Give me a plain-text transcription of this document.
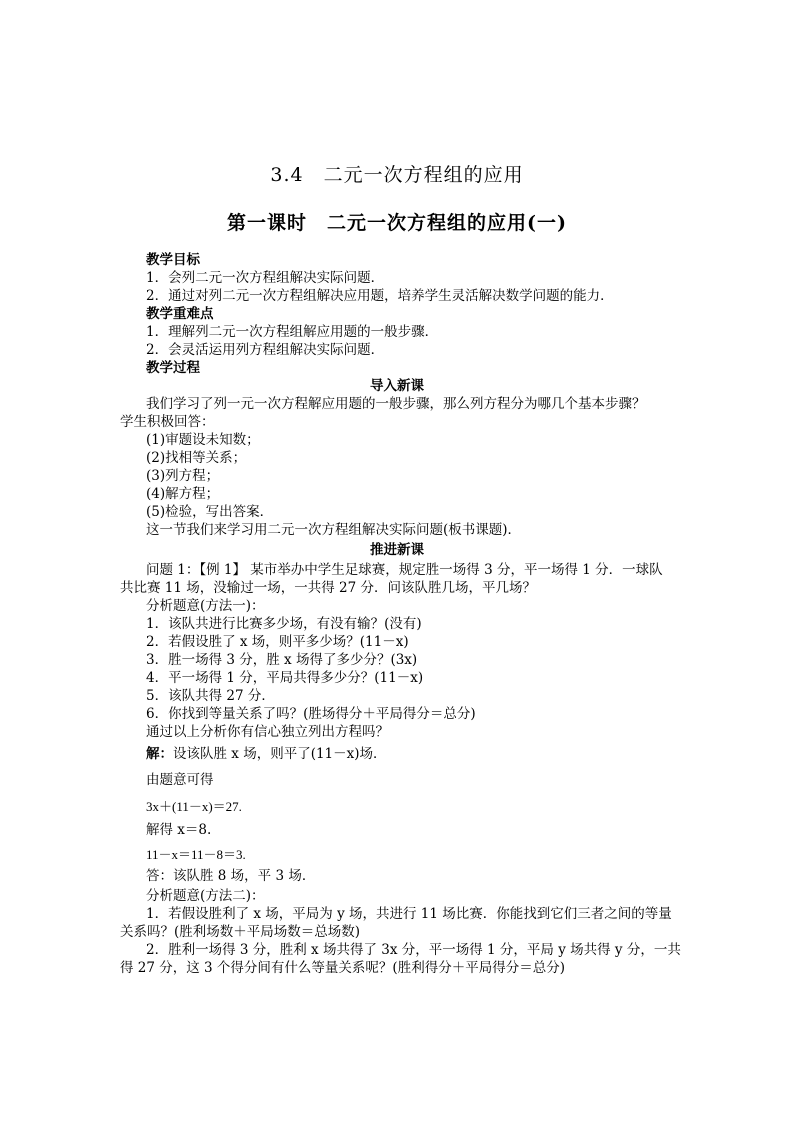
3.4　二元一次方程组的应用
第一课时　二元一次方程组的应用(一)
教学目标
1．会列二元一次方程组解决实际问题．
2．通过对列二元一次方程组解决应用题，培养学生灵活解决数学问题的能力．
教学重难点
1．理解列二元一次方程组解应用题的一般步骤．
2．会灵活运用列方程组解决实际问题．
教学过程
导入新课
我们学习了列一元一次方程解应用题的一般步骤，那么列方程分为哪几个基本步骤？
学生积极回答：
(1)审题设未知数；
(2)找相等关系；
(3)列方程；
(4)解方程；
(5)检验，写出答案．
这一节我们来学习用二元一次方程组解决实际问题(板书课题)．
推进新课
问题 1：【例 1】 某市举办中学生足球赛，规定胜一场得 3 分，平一场得 1 分．一球队
共比赛 11 场，没输过一场，一共得 27 分．问该队胜几场，平几场？
分析题意(方法一)：
1．该队共进行比赛多少场，有没有输？(没有)
2．若假设胜了 x 场，则平多少场？(11－x)
3．胜一场得 3 分，胜 x 场得了多少分？(3x)
4．平一场得 1 分，平局共得多少分？(11－x)
5．该队共得 27 分．
6．你找到等量关系了吗？(胜场得分＋平局得分＝总分)
通过以上分析你有信心独立列出方程吗？
解：设该队胜 x 场，则平了(11－x)场．
由题意可得
3x＋(11－x)＝27.
解得 x＝8.
11－x＝11－8＝3.
答：该队胜 8 场，平 3 场．
分析题意(方法二)：
1．若假设胜利了 x 场，平局为 y 场，共进行 11 场比赛．你能找到它们三者之间的等量
关系吗？(胜利场数＋平局场数＝总场数)
2．胜利一场得 3 分，胜利 x 场共得了 3x 分，平一场得 1 分，平局 y 场共得 y 分，一共
得 27 分，这 3 个得分间有什么等量关系呢？(胜利得分＋平局得分＝总分)
